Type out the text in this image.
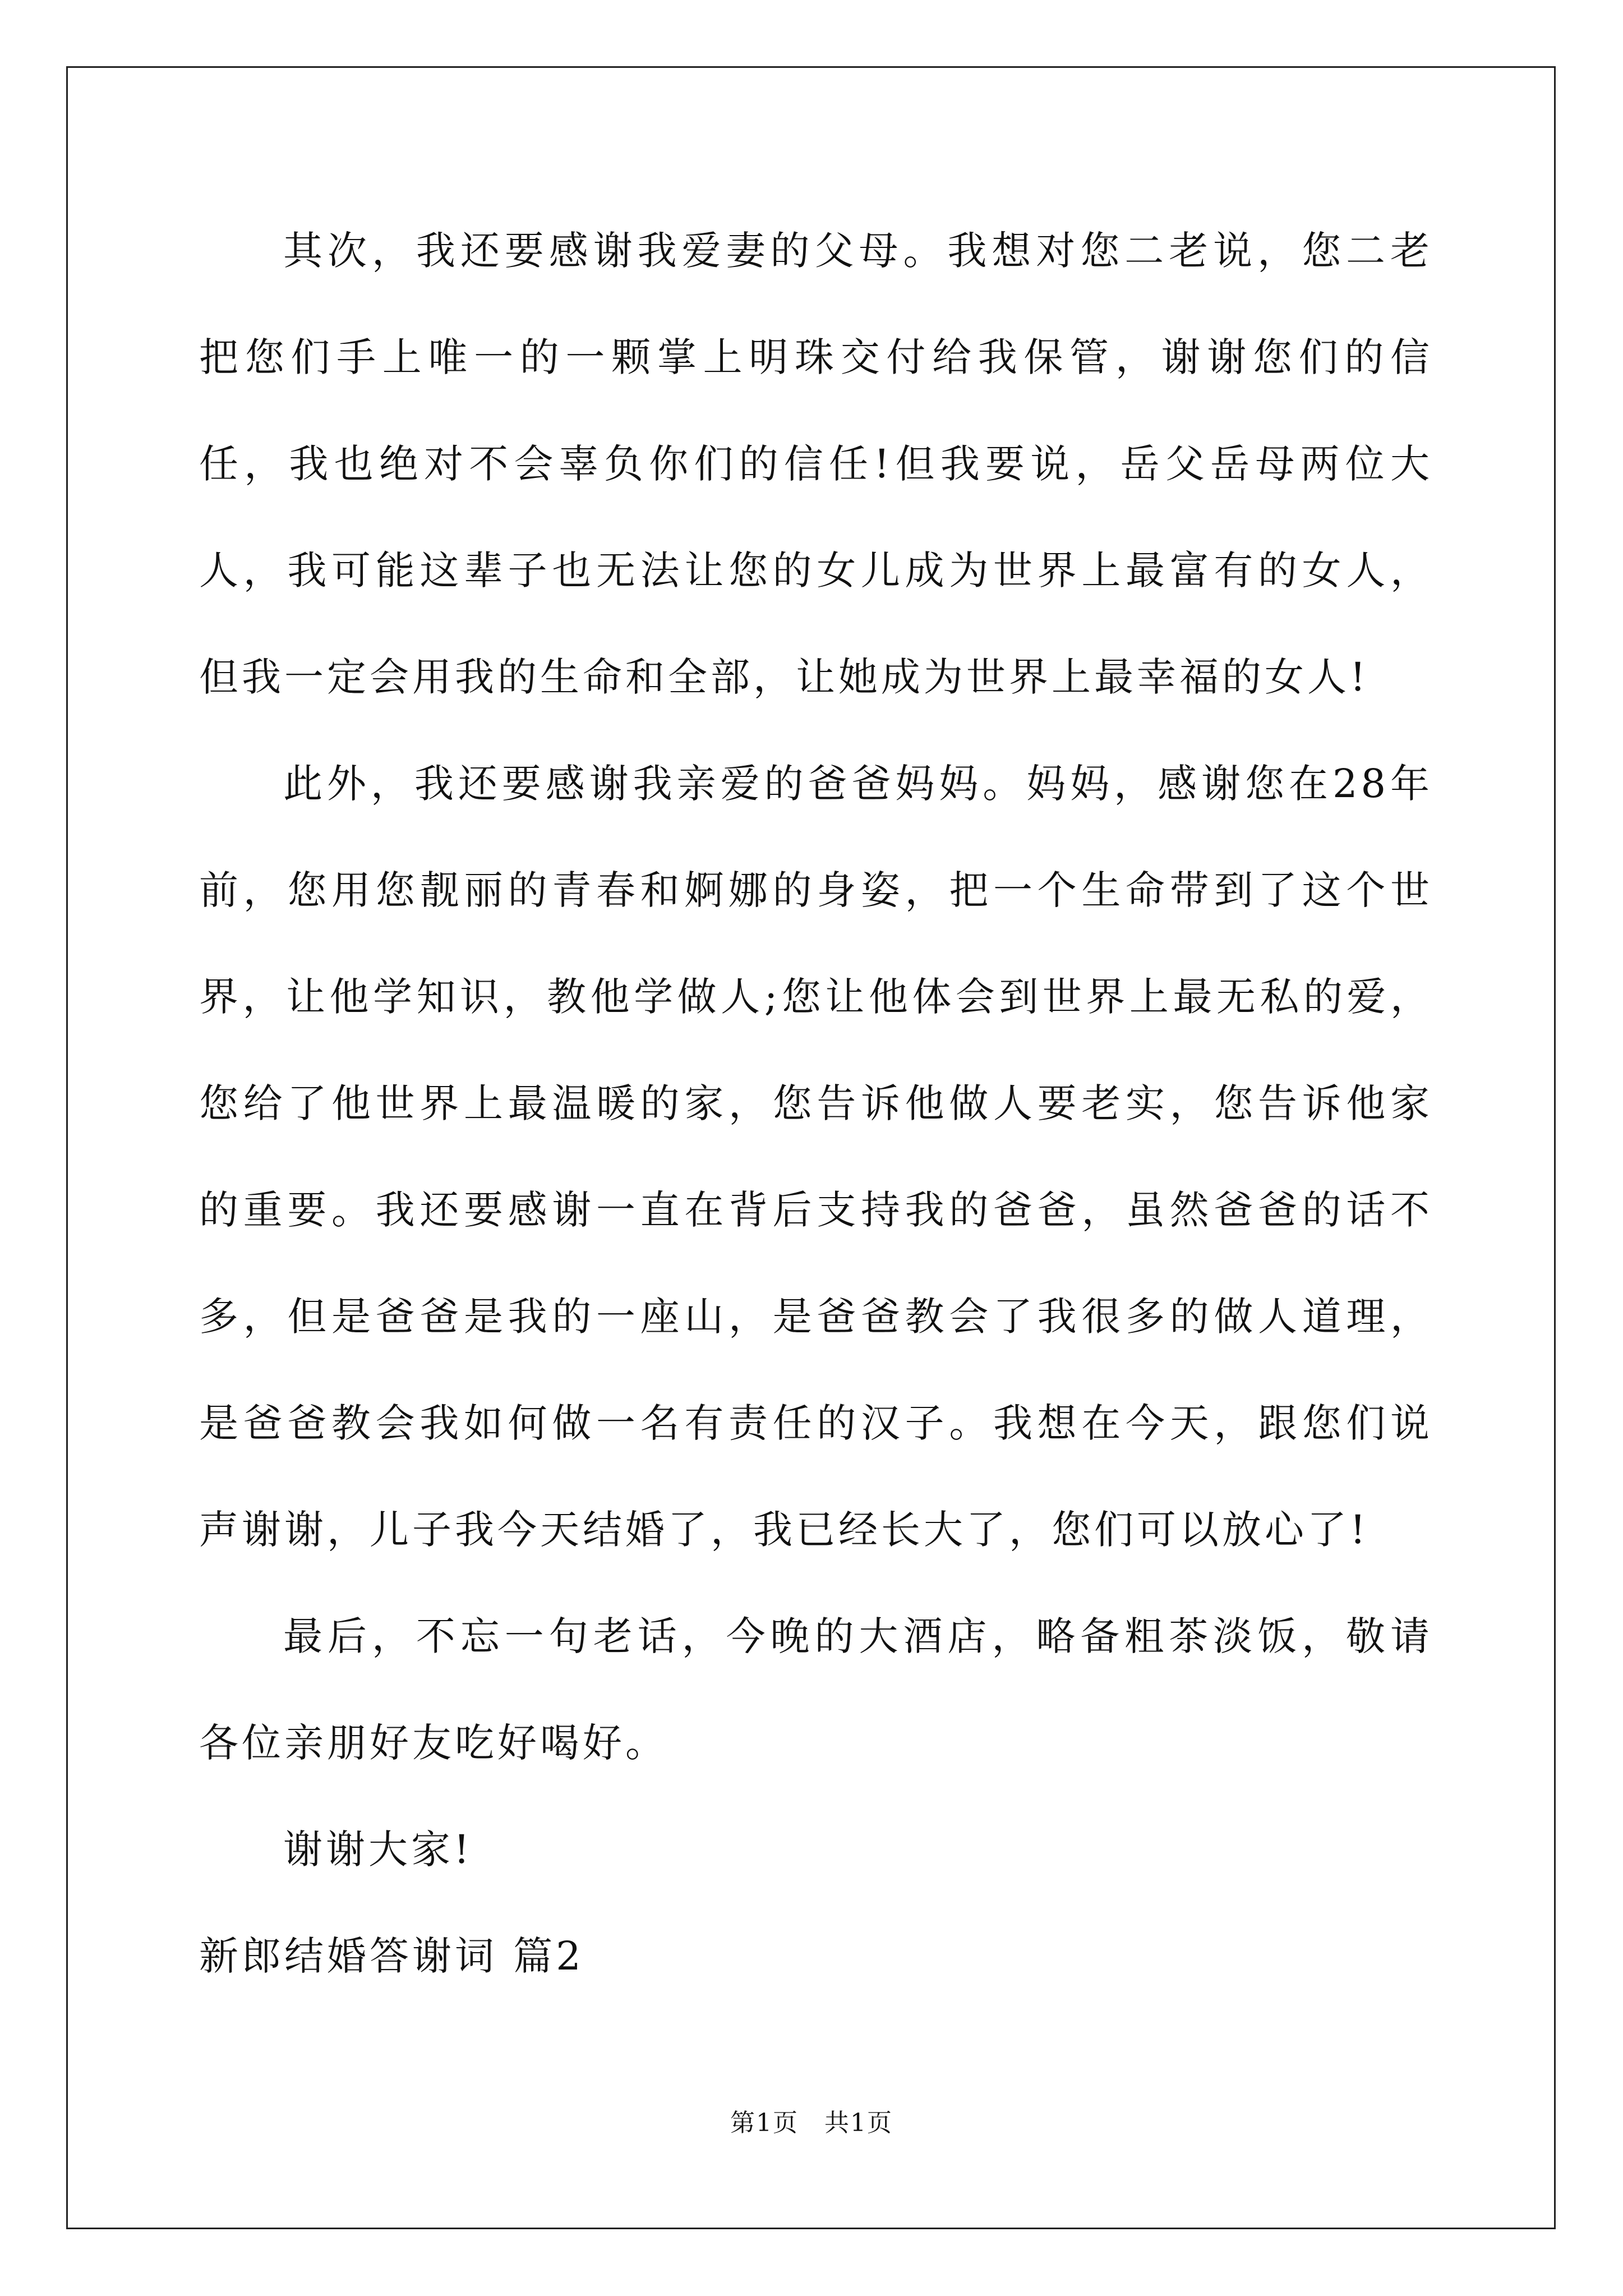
其次，我还要感谢我爱妻的父母。我想对您二老说，您二老把您们手上唯一的一颗掌上明珠交付给我保管，谢谢您们的信任，我也绝对不会辜负你们的信任!但我要说，岳父岳母两位大人，我可能这辈子也无法让您的女儿成为世界上最富有的女人，但我一定会用我的生命和全部，让她成为世界上最幸福的女人!

此外，我还要感谢我亲爱的爸爸妈妈。妈妈，感谢您在28年前，您用您靓丽的青春和婀娜的身姿，把一个生命带到了这个世界，让他学知识，教他学做人;您让他体会到世界上最无私的爱，您给了他世界上最温暖的家，您告诉他做人要老实，您告诉他家的重要。我还要感谢一直在背后支持我的爸爸，虽然爸爸的话不多，但是爸爸是我的一座山，是爸爸教会了我很多的做人道理，是爸爸教会我如何做一名有责任的汉子。我想在今天，跟您们说声谢谢，儿子我今天结婚了，我已经长大了，您们可以放心了!

最后，不忘一句老话，今晚的大酒店，略备粗茶淡饭，敬请各位亲朋好友吃好喝好。

谢谢大家!

新郎结婚答谢词 篇2

第1页　共1页
